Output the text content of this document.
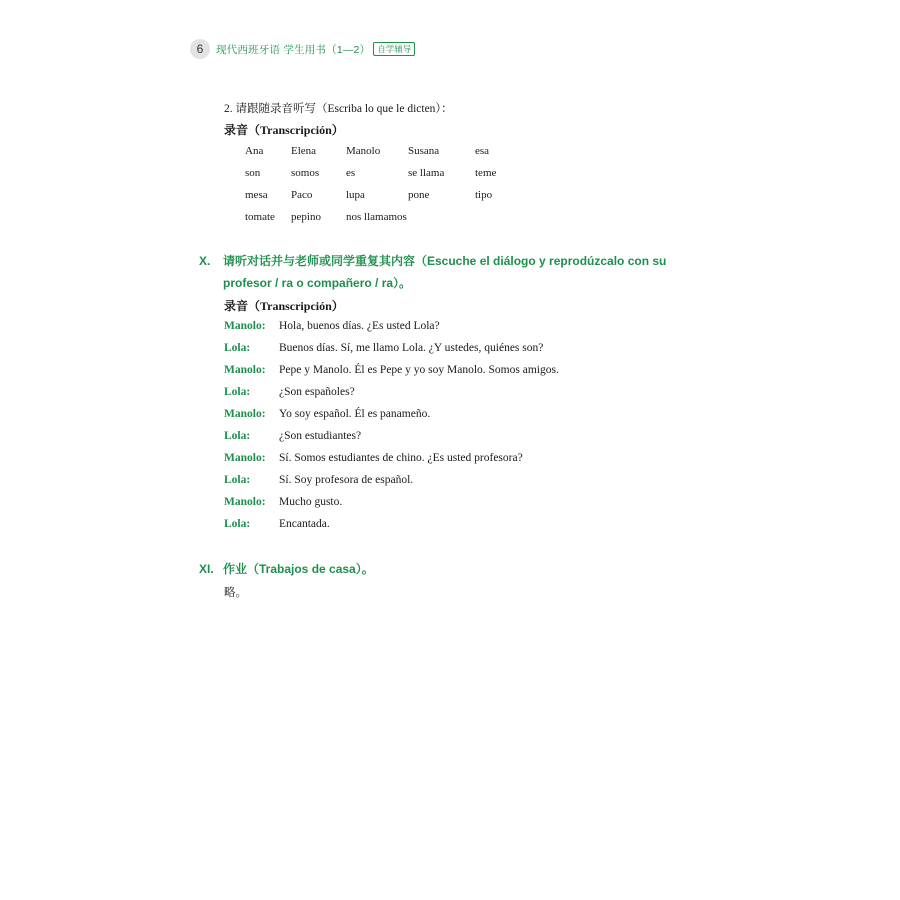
6	现代西班牙语 学生用书（1—2） 自学辅导
2. 请跟随录音听写（Escriba lo que le dicten）：
录音（Transcripción）
Ana	Elena	Manolo	Susana	esa
son	somos	es	se llama	teme
mesa	Paco	lupa	pone	tipo
tomate	pepino	nos llamamos
X. 请听对话并与老师或同学重复其内容（Escuche el diálogo y reprodúzcalo con su
profesor / ra o compañero / ra）。
录音（Transcripción）
Manolo:	Hola, buenos días. ¿Es usted Lola?
Lola:	Buenos días. Sí, me llamo Lola. ¿Y ustedes, quiénes son?
Manolo:	Pepe y Manolo. Él es Pepe y yo soy Manolo. Somos amigos.
Lola:	¿Son españoles?
Manolo:	Yo soy español. Él es panameño.
Lola:	¿Son estudiantes?
Manolo:	Sí. Somos estudiantes de chino. ¿Es usted profesora?
Lola:	Sí. Soy profesora de español.
Manolo:	Mucho gusto.
Lola:	Encantada.
XI. 作业（Trabajos de casa）。
略。
